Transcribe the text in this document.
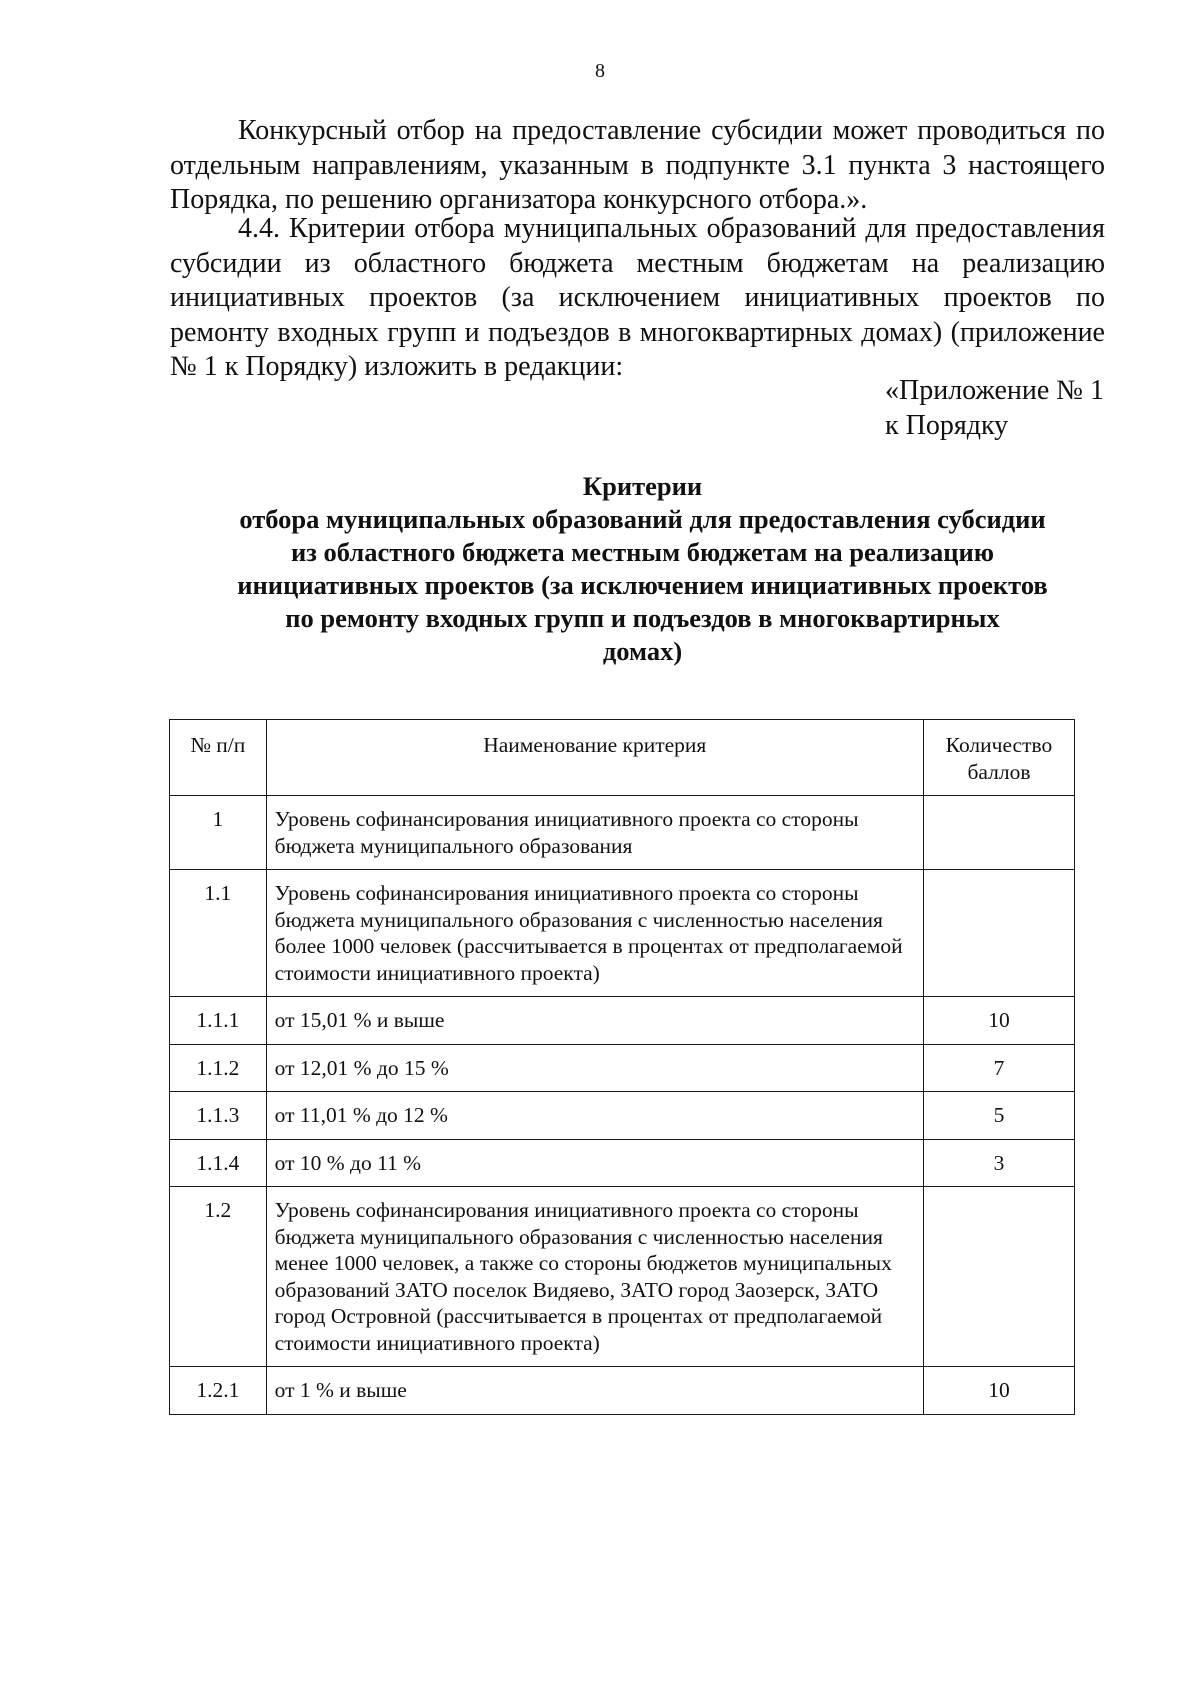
8
Конкурсный отбор на предоставление субсидии может проводиться по отдельным направлениям, указанным в подпункте 3.1 пункта 3 настоящего Порядка, по решению организатора конкурсного отбора.».
4.4. Критерии отбора муниципальных образований для предоставления субсидии из областного бюджета местным бюджетам на реализацию инициативных проектов (за исключением инициативных проектов по ремонту входных групп и подъездов в многоквартирных домах) (приложение № 1 к Порядку) изложить в редакции:
«Приложение № 1
к Порядку
Критерии
отбора муниципальных образований для предоставления субсидии
из областного бюджета местным бюджетам на реализацию
инициативных проектов (за исключением инициативных проектов
по ремонту входных групп и подъездов в многоквартирных
домах)
№ п/п	Наименование критерия	Количество баллов
1	Уровень софинансирования инициативного проекта со стороны бюджета муниципального образования	
1.1	Уровень софинансирования инициативного проекта со стороны бюджета муниципального образования с численностью населения более 1000 человек (рассчитывается в процентах от предполагаемой стоимости инициативного проекта)	
1.1.1	от 15,01 % и выше	10
1.1.2	от 12,01 % до 15 %	7
1.1.3	от 11,01 % до 12 %	5
1.1.4	от 10 % до 11 %	3
1.2	Уровень софинансирования инициативного проекта со стороны бюджета муниципального образования с численностью населения менее 1000 человек, а также со стороны бюджетов муниципальных образований ЗАТО поселок Видяево, ЗАТО город Заозерск, ЗАТО город Островной (рассчитывается в процентах от предполагаемой стоимости инициативного проекта)	
1.2.1	от 1 % и выше	10
